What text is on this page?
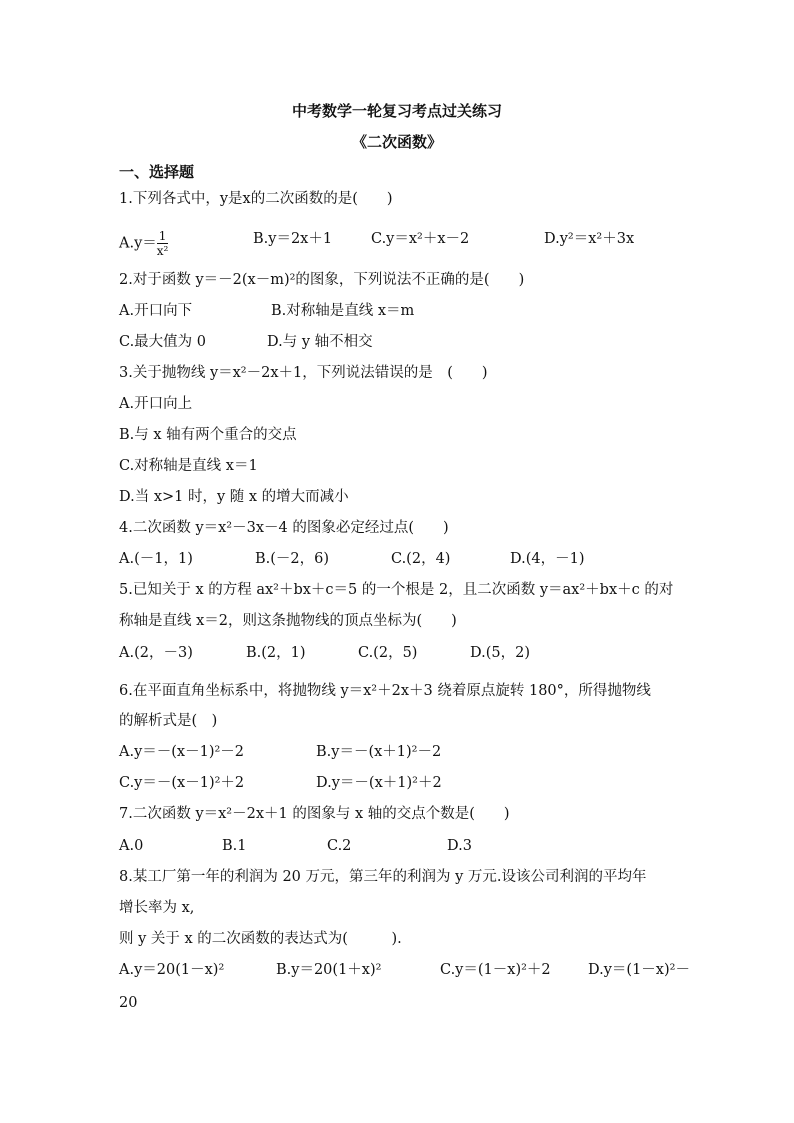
中考数学一轮复习考点过关练习
《二次函数》
一、选择题
1.下列各式中，y是x的二次函数的是(　　)
$A.y= \frac{1}{\text{x²}}$	B.y＝2x＋1	C.y＝x²＋x－2	D.y²＝x²＋3x
2.对于函数 y＝－2(x－m)²的图象，下列说法不正确的是(　　)
A.开口向下	B.对称轴是直线 x＝m
C.最大值为 0	D.与 y 轴不相交
3.关于抛物线 y＝x²－2x＋1，下列说法错误的是　(　　)
A.开口向上
B.与 x 轴有两个重合的交点
C.对称轴是直线 x＝1
D.当 x>1 时，y 随 x 的增大而减小
4.二次函数 y＝x²－3x－4 的图象必定经过点(　　)
A.(－1，1)	B.(－2，6)	C.(2，4)	D.(4，－1)
5.已知关于 x 的方程 ax²＋bx＋c＝5 的一个根是 2，且二次函数 y＝ax²＋bx＋c 的对
称轴是直线 x＝2，则这条抛物线的顶点坐标为(　　)
A.(2，－3)	B.(2，1)	C.(2，5)	D.(5，2)
6.在平面直角坐标系中，将抛物线 y＝x²＋2x＋3 绕着原点旋转 180°，所得抛物线
的解析式是(　)
A.y＝－(x－1)²－2	B.y＝－(x＋1)²－2
C.y＝－(x－1)²＋2	D.y＝－(x＋1)²＋2
7.二次函数 y＝x²－2x＋1 的图象与 x 轴的交点个数是(　　)
A.0	B.1	C.2	D.3
8.某工厂第一年的利润为 20 万元，第三年的利润为 y 万元.设该公司利润的平均年
增长率为 x,
则 y 关于 x 的二次函数的表达式为(　　　).
A.y＝20(1－x)²	B.y＝20(1＋x)²	C.y＝(1－x)²＋2	D.y＝(1－x)²－
20
